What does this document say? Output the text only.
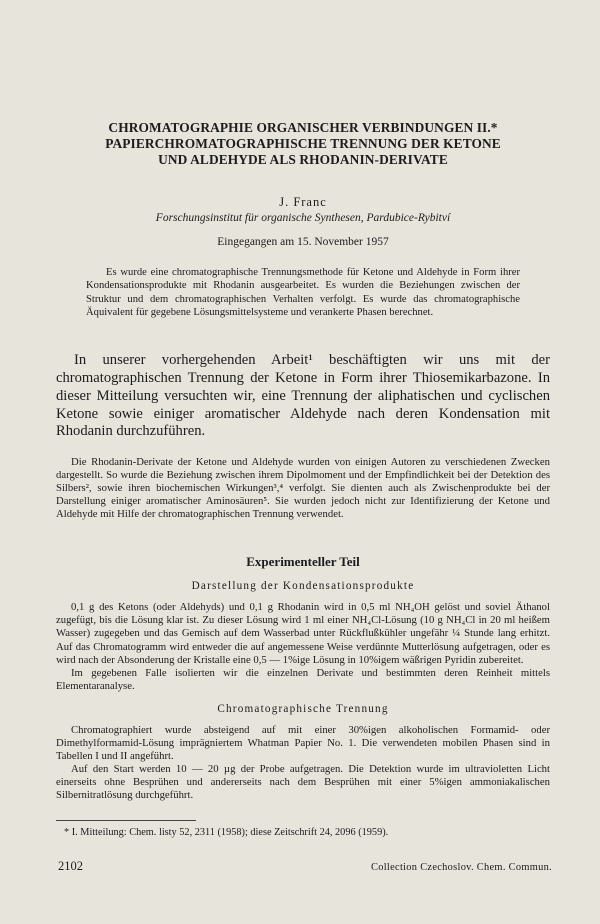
CHROMATOGRAPHIE ORGANISCHER VERBINDUNGEN II.*
PAPIERCHROMATOGRAPHISCHE TRENNUNG DER KETONE
UND ALDEHYDE ALS RHODANIN-DERIVATE
J. Franc
Forschungsinstitut für organische Synthesen, Pardubice-Rybitví
Eingegangen am 15. November 1957

Es wurde eine chromatographische Trennungsmethode für Ketone und Aldehyde in Form ihrer Kondensationsprodukte mit Rhodanin ausgearbeitet. Es wurden die Beziehungen zwischen der Struktur und dem chromatographischen Verhalten verfolgt. Es wurde das chromatographische Äquivalent für gegebene Lösungsmittelsysteme und verankerte Phasen berechnet.

In unserer vorhergehenden Arbeit¹ beschäftigten wir uns mit der chromatographischen Trennung der Ketone in Form ihrer Thiosemikarbazone. In dieser Mitteilung versuchten wir, eine Trennung der aliphatischen und cyclischen Ketone sowie einiger aromatischer Aldehyde nach deren Kondensation mit Rhodanin durchzuführen.

Die Rhodanin-Derivate der Ketone und Aldehyde wurden von einigen Autoren zu verschiedenen Zwecken dargestellt. So wurde die Beziehung zwischen ihrem Dipolmoment und der Empfindlichkeit bei der Detektion des Silbers², sowie ihren biochemischen Wirkungen³,⁴ verfolgt. Sie dienten auch als Zwischenprodukte bei der Darstellung einiger aromatischer Aminosäuren⁵. Sie wurden jedoch nicht zur Identifizierung der Ketone und Aldehyde mit Hilfe der chromatographischen Trennung verwendet.

Experimenteller Teil
Darstellung der Kondensationsprodukte

0,1 g des Ketons (oder Aldehyds) und 0,1 g Rhodanin wird in 0,5 ml NH₄OH gelöst und soviel Äthanol zugefügt, bis die Lösung klar ist. Zu dieser Lösung wird 1 ml einer NH₄Cl-Lösung (10 g NH₄Cl in 20 ml heißem Wasser) zugegeben und das Gemisch auf dem Wasserbad unter Rückflußkühler ungefähr ¼ Stunde lang erhitzt. Auf das Chromatogramm wird entweder die auf angemessene Weise verdünnte Mutterlösung aufgetragen, oder es wird nach der Absonderung der Kristalle eine 0,5 — 1%ige Lösung in 10%igem wäßrigen Pyridin zubereitet.

Im gegebenen Falle isolierten wir die einzelnen Derivate und bestimmten deren Reinheit mittels Elementaranalyse.

Chromatographische Trennung

Chromatographiert wurde absteigend auf mit einer 30%igen alkoholischen Formamid- oder Dimethylformamid-Lösung imprägniertem Whatman Papier No. 1. Die verwendeten mobilen Phasen sind in Tabellen I und II angeführt.

Auf den Start werden 10 — 20 µg der Probe aufgetragen. Die Detektion wurde im ultravioletten Licht einerseits ohne Besprühen und andererseits nach dem Besprühen mit einer 5%igen ammoniakalischen Silbernitratlösung durchgeführt.

* I. Mitteilung: Chem. listy 52, 2311 (1958); diese Zeitschrift 24, 2096 (1959).
2102	Collection Czechoslov. Chem. Commun.
